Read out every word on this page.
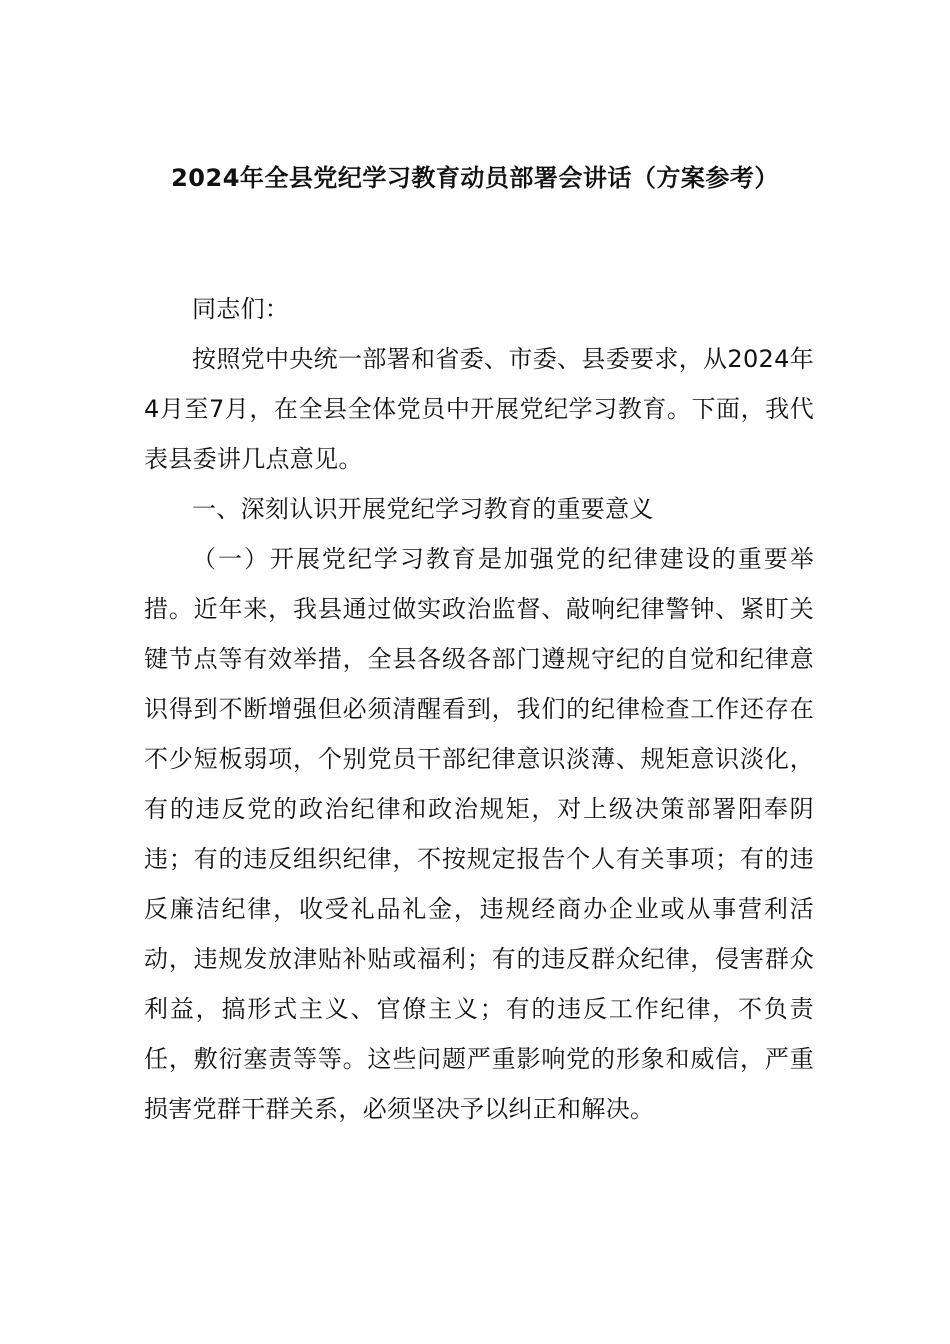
2024年全县党纪学习教育动员部署会讲话（方案参考）

同志们：

按照党中央统一部署和省委、市委、县委要求，从2024年4月至7月，在全县全体党员中开展党纪学习教育。下面，我代表县委讲几点意见。

一、深刻认识开展党纪学习教育的重要意义

（一）开展党纪学习教育是加强党的纪律建设的重要举措。近年来，我县通过做实政治监督、敲响纪律警钟、紧盯关键节点等有效举措，全县各级各部门遵规守纪的自觉和纪律意识得到不断增强但必须清醒看到，我们的纪律检查工作还存在不少短板弱项，个别党员干部纪律意识淡薄、规矩意识淡化，有的违反党的政治纪律和政治规矩，对上级决策部署阳奉阴违；有的违反组织纪律，不按规定报告个人有关事项；有的违反廉洁纪律，收受礼品礼金，违规经商办企业或从事营利活动，违规发放津贴补贴或福利；有的违反群众纪律，侵害群众利益，搞形式主义、官僚主义；有的违反工作纪律，不负责任，敷衍塞责等等。这些问题严重影响党的形象和威信，严重损害党群干群关系，必须坚决予以纠正和解决。
